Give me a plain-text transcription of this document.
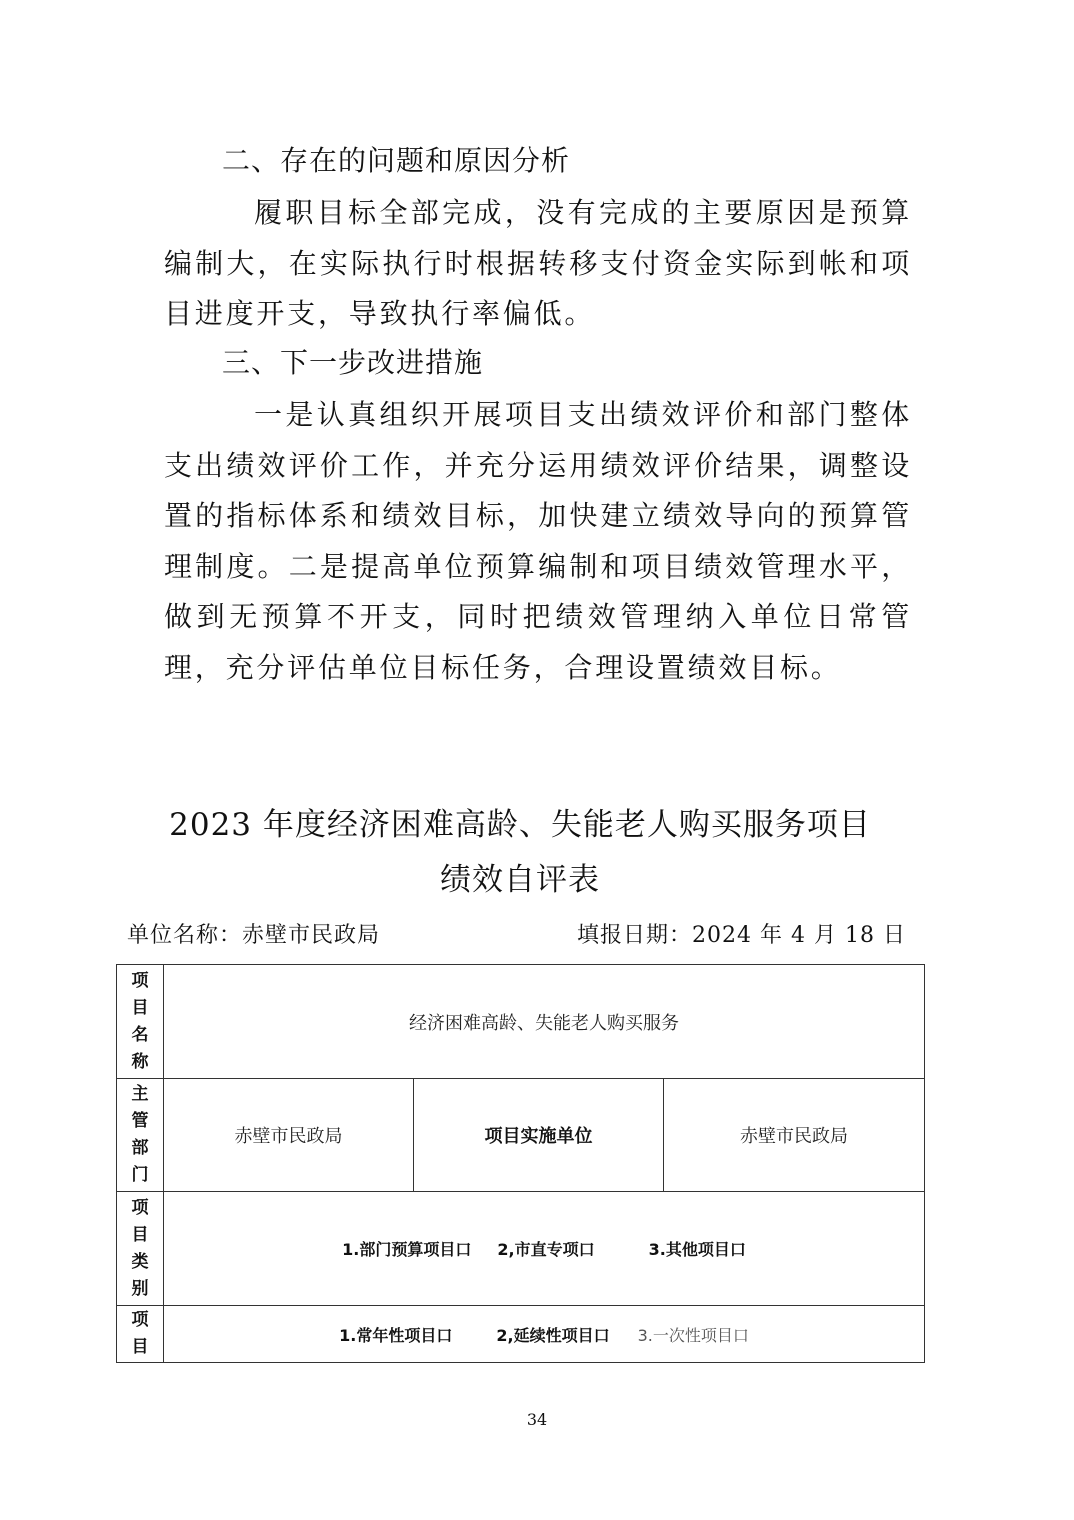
二、存在的问题和原因分析

履职目标全部完成，没有完成的主要原因是预算编制大，在实际执行时根据转移支付资金实际到帐和项目进度开支，导致执行率偏低。

三、下一步改进措施

一是认真组织开展项目支出绩效评价和部门整体支出绩效评价工作，并充分运用绩效评价结果，调整设置的指标体系和绩效目标，加快建立绩效导向的预算管理制度。二是提高单位预算编制和项目绩效管理水平，做到无预算不开支，同时把绩效管理纳入单位日常管理，充分评估单位目标任务，合理设置绩效目标。

2023 年度经济困难高龄、失能老人购买服务项目
绩效自评表
单位名称：赤壁市民政局	填报日期：2024 年 4 月 18 日
项
目
名
称	经济困难高龄、失能老人购买服务		

主
管
部
门	赤壁市民政局	项目实施单位	赤壁市民政局

项
目
类
别	1.部门预算项目口 2,市直专项口 3.其他项目口		

项
目	1.常年性项目口 2,延续性项目口 3.一次性项目口		
34
